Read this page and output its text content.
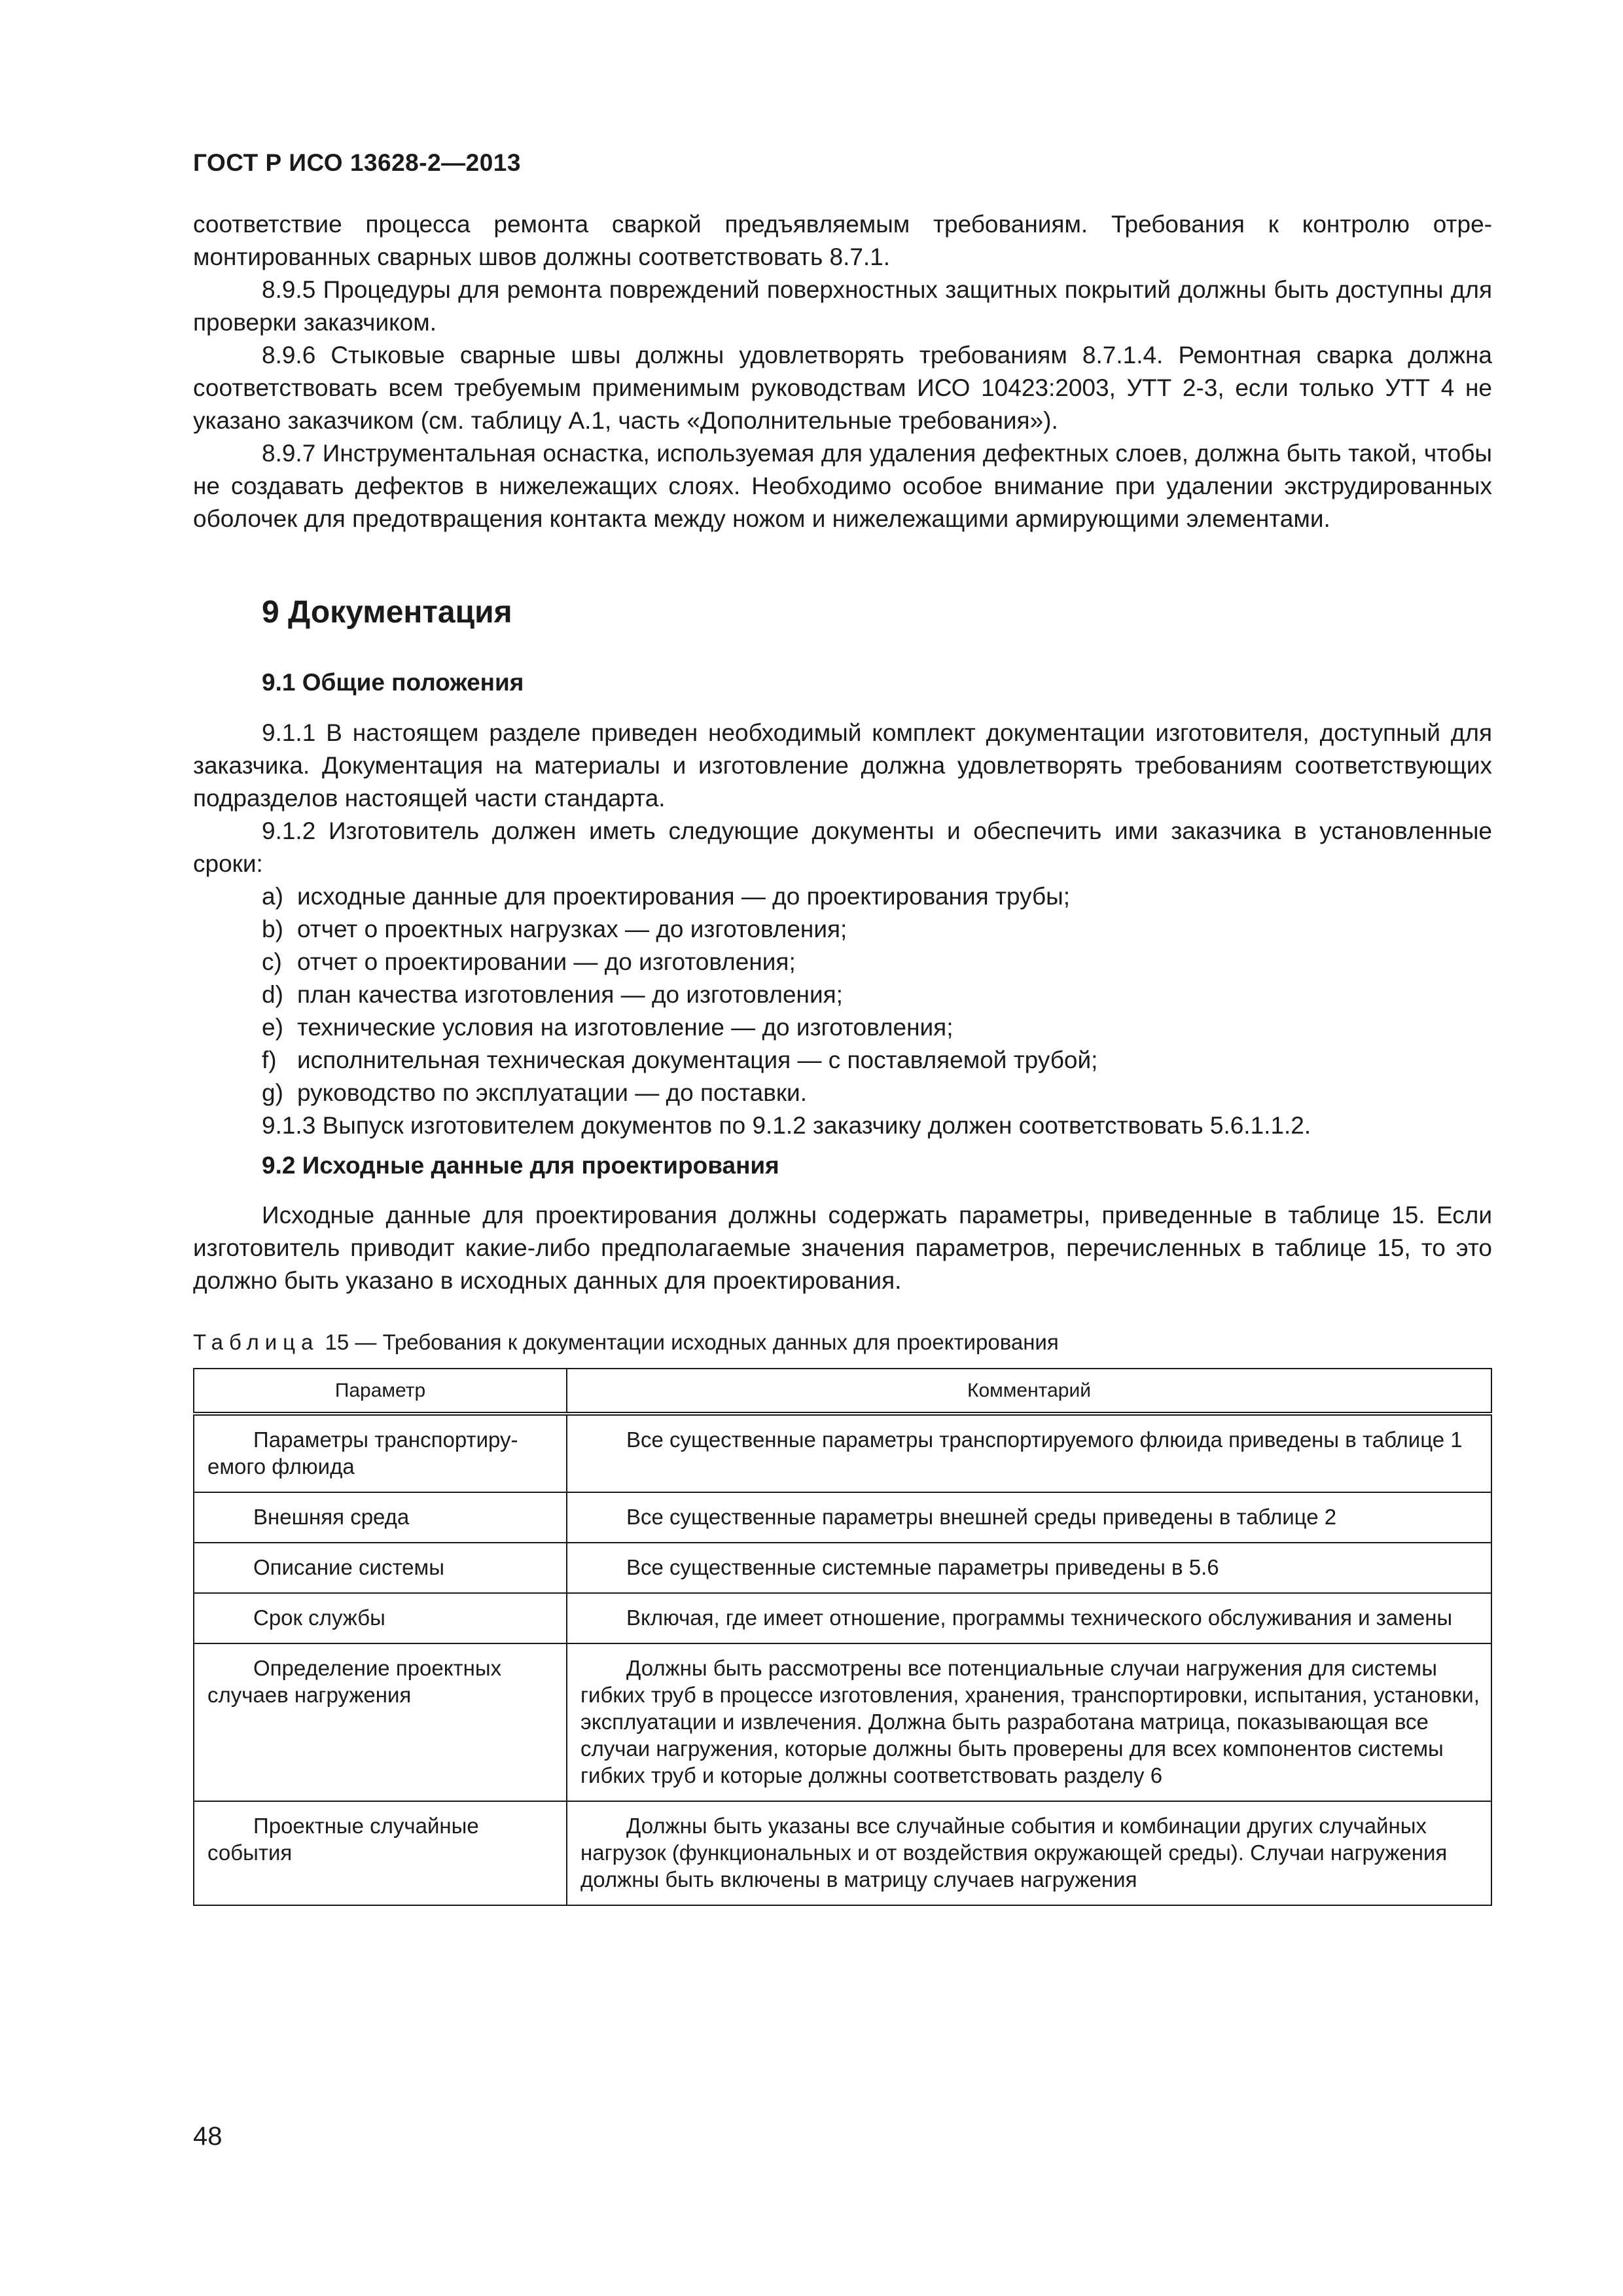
ГОСТ Р ИСО 13628-2—2013

соответствие процесса ремонта сваркой предъявляемым требованиям. Требования к контролю отремонтированных сварных швов должны соответствовать 8.7.1.

8.9.5 Процедуры для ремонта повреждений поверхностных защитных покрытий должны быть доступны для проверки заказчиком.

8.9.6 Стыковые сварные швы должны удовлетворять требованиям 8.7.1.4. Ремонтная сварка должна соответствовать всем требуемым применимым руководствам ИСО 10423:2003, УТТ 2-3, если только УТТ 4 не указано заказчиком (см. таблицу А.1, часть «Дополнительные требования»).

8.9.7 Инструментальная оснастка, используемая для удаления дефектных слоев, должна быть такой, чтобы не создавать дефектов в нижележащих слоях. Необходимо особое внимание при удалении экструдированных оболочек для предотвращения контакта между ножом и нижележащими армирующими элементами.

9 Документация
9.1 Общие положения

9.1.1 В настоящем разделе приведен необходимый комплект документации изготовителя, доступный для заказчика. Документация на материалы и изготовление должна удовлетворять требованиям соответствующих подразделов настоящей части стандарта.

9.1.2 Изготовитель должен иметь следующие документы и обеспечить ими заказчика в установленные сроки:

a) исходные данные для проектирования — до проектирования трубы;

b) отчет о проектных нагрузках — до изготовления;

c) отчет о проектировании — до изготовления;

d) план качества изготовления — до изготовления;

e) технические условия на изготовление — до изготовления;

f) исполнительная техническая документация — с поставляемой трубой;

g) руководство по эксплуатации — до поставки.

9.1.3 Выпуск изготовителем документов по 9.1.2 заказчику должен соответствовать 5.6.1.1.2.

9.2 Исходные данные для проектирования

Исходные данные для проектирования должны содержать параметры, приведенные в таблице 15. Если изготовитель приводит какие-либо предполагаемые значения параметров, перечисленных в таблице 15, то это должно быть указано в исходных данных для проектирования.

Таблица 15 — Требования к документации исходных данных для проектирования
Параметр	Комментарий

Параметры транспортируемого флюида	Все существенные параметры транспортируемого флюида приведены в таблице 1

Внешняя среда	Все существенные параметры внешней среды приведены в таблице 2

Описание системы	Все существенные системные параметры приведены в 5.6

Срок службы	Включая, где имеет отношение, программы технического обслуживания и замены

Определение проектных случаев нагружения	Должны быть рассмотрены все потенциальные случаи нагружения для системы гибких труб в процессе изготовления, хранения, транспортировки, испытания, установки, эксплуатации и извлечения. Должна быть разработана матрица, показывающая все случаи нагружения, которые должны быть проверены для всех компонентов системы гибких труб и которые должны соответствовать разделу 6

Проектные случайные события	Должны быть указаны все случайные события и комбинации других случайных нагрузок (функциональных и от воздействия окружающей среды). Случаи нагружения должны быть включены в матрицу случаев нагружения
48
